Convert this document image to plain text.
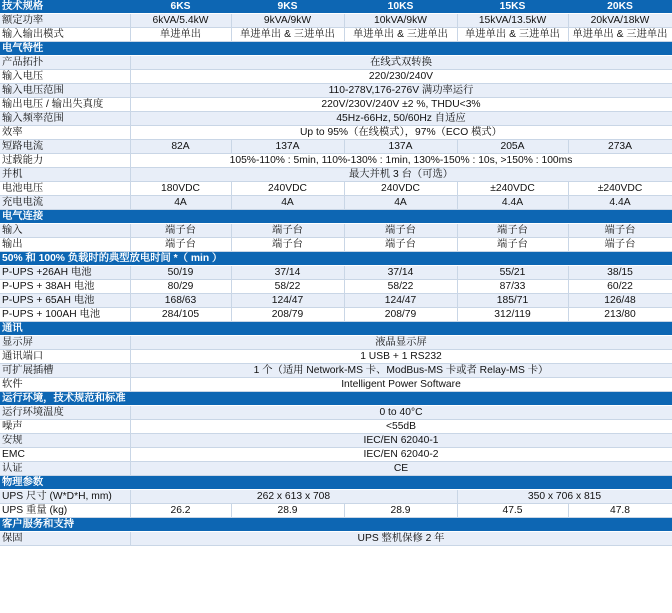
技术规格	6KS	9KS	10KS	15KS	20KS
额定功率	6kVA/5.4kW	9kVA/9kW	10kVA/9kW	15kVA/13.5kW	20kVA/18kW
输入输出模式	单进单出	单进单出 & 三进单出	单进单出 & 三进单出	单进单出 & 三进单出	单进单出 & 三进单出
电气特性					
产品拓扑	在线式双转换				
输入电压	220/230/240V				
输入电压范围	110-278V,176-276V 满功率运行				
输出电压 / 输出失真度	220V/230V/240V ±2 %, THDU<3%				
输入频率范围	45Hz-66Hz, 50/60Hz 自适应				
效率	Up to 95%（在线模式），97%（ECO 模式）				
短路电流	82A	137A	137A	205A	273A
过载能力	105%-110% : 5min, 110%-130% : 1min, 130%-150% : 10s, >150% : 100ms				
并机	最大并机 3 台（可选）				
电池电压	180VDC	240VDC	240VDC	±240VDC	±240VDC
充电电流	4A	4A	4A	4.4A	4.4A
电气连接					
输入	端子台	端子台	端子台	端子台	端子台
输出	端子台	端子台	端子台	端子台	端子台
50% 和 100% 负载时的典型放电时间 *（ min ）					
P-UPS +26AH 电池	50/19	37/14	37/14	55/21	38/15
P-UPS + 38AH 电池	80/29	58/22	58/22	87/33	60/22
P-UPS + 65AH 电池	168/63	124/47	124/47	185/71	126/48
P-UPS + 100AH 电池	284/105	208/79	208/79	312/119	213/80
通讯					
显示屏	液晶显示屏				
通讯端口	1 USB + 1 RS232				
可扩展插槽	1 个（适用 Network-MS 卡、ModBus-MS 卡或者 Relay-MS 卡）				
软件	Intelligent Power Software				
运行环境，技术规范和标准					
运行环境温度	0 to 40°C				
噪声	<55dB				
安规	IEC/EN 62040-1				
EMC	IEC/EN 62040-2				
认证	CE				
物理参数					
UPS 尺寸 (W*D*H, mm)	262 x 613 x 708			350 x 706 x 815	
UPS 重量 (kg)	26.2	28.9	28.9	47.5	47.8
客户服务和支持					
保固	UPS 整机保修 2 年				
